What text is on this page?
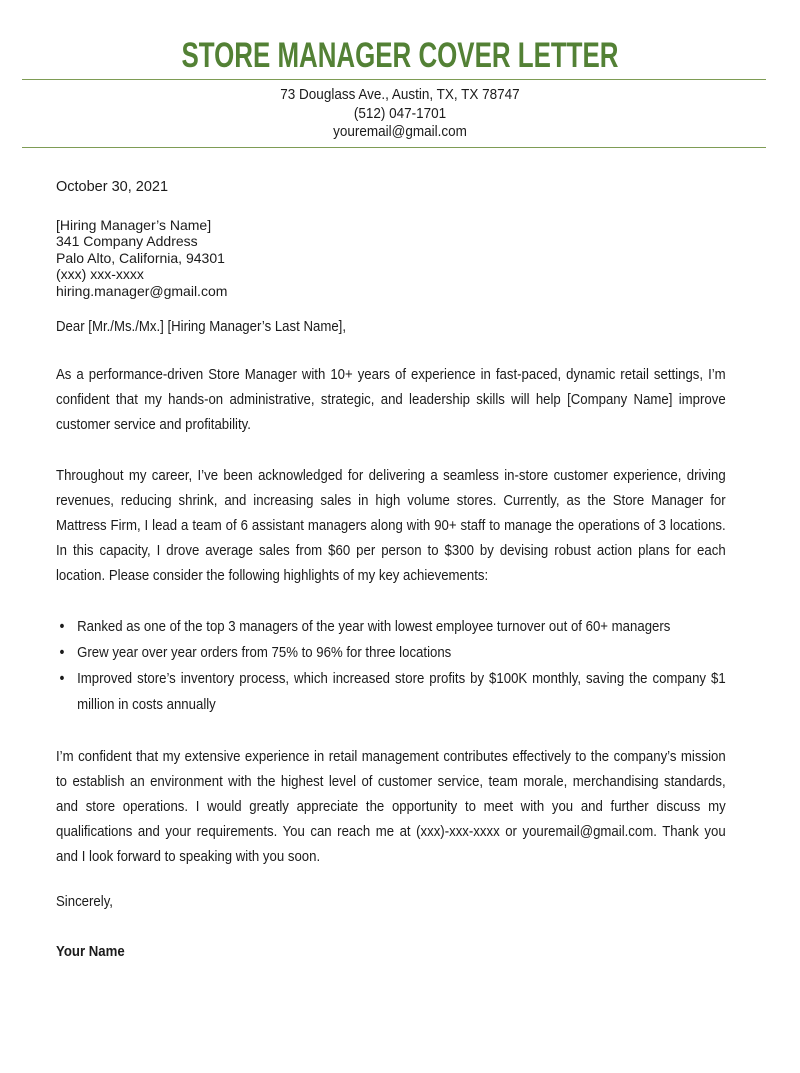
STORE MANAGER COVER LETTER
73 Douglass Ave., Austin, TX, TX 78747
(512) 047-1701
youremail@gmail.com

October 30, 2021

[Hiring Manager’s Name]
341 Company Address
Palo Alto, California, 94301
(xxx) xxx-xxxx
hiring.manager@gmail.com

Dear [Mr./Ms./Mx.] [Hiring Manager’s Last Name],

As a performance-driven Store Manager with 10+ years of experience in fast-paced, dynamic retail settings, I’m confident that my hands-on administrative, strategic, and leadership skills will help [Company Name] improve customer service and profitability.

Throughout my career, I’ve been acknowledged for delivering a seamless in-store customer experience, driving revenues, reducing shrink, and increasing sales in high volume stores. Currently, as the Store Manager for Mattress Firm, I lead a team of 6 assistant managers along with 90+ staff to manage the operations of 3 locations. In this capacity, I drove average sales from $60 per person to $300 by devising robust action plans for each location. Please consider the following highlights of my key achievements:

• Ranked as one of the top 3 managers of the year with lowest employee turnover out of 60+ managers
• Grew year over year orders from 75% to 96% for three locations
• Improved store’s inventory process, which increased store profits by $100K monthly, saving the company $1 million in costs annually

I’m confident that my extensive experience in retail management contributes effectively to the company’s mission to establish an environment with the highest level of customer service, team morale, merchandising standards, and store operations. I would greatly appreciate the opportunity to meet with you and further discuss my qualifications and your requirements. You can reach me at (xxx)-xxx-xxxx or youremail@gmail.com. Thank you and I look forward to speaking with you soon.

Sincerely,

Your Name
